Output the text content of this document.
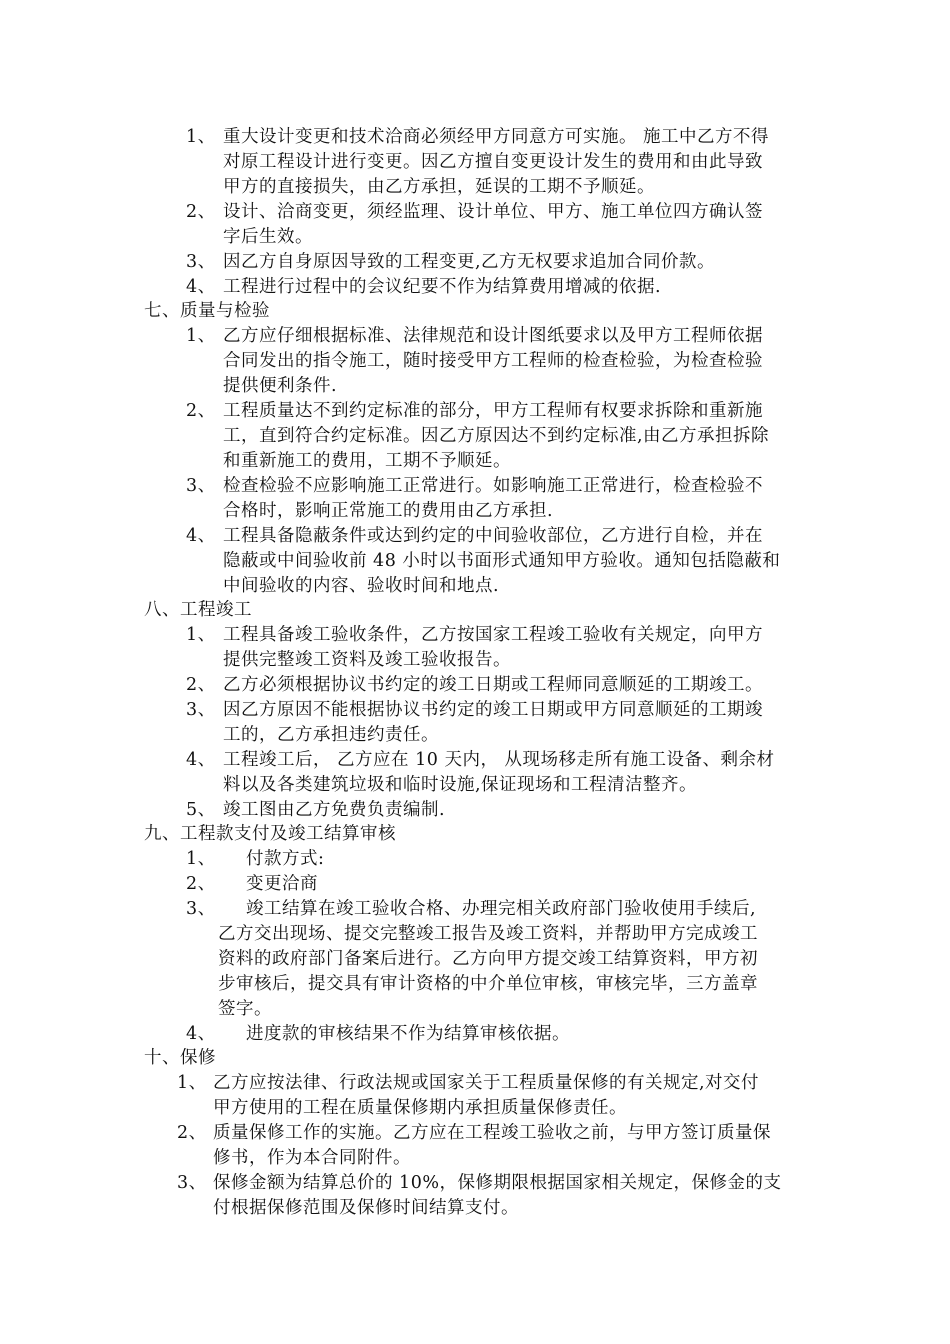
1、 重大设计变更和技术洽商必须经甲方同意方可实施。 施工中乙方不得
对原工程设计进行变更。因乙方擅自变更设计发生的费用和由此导致
甲方的直接损失，由乙方承担，延误的工期不予顺延。
2、 设计、洽商变更，须经监理、设计单位、甲方、施工单位四方确认签
字后生效。
3、 因乙方自身原因导致的工程变更,乙方无权要求追加合同价款。
4、 工程进行过程中的会议纪要不作为结算费用增减的依据.
七、质量与检验
1、 乙方应仔细根据标准、法律规范和设计图纸要求以及甲方工程师依据
合同发出的指令施工，随时接受甲方工程师的检查检验，为检查检验
提供便利条件.
2、 工程质量达不到约定标准的部分，甲方工程师有权要求拆除和重新施
工，直到符合约定标准。因乙方原因达不到约定标准,由乙方承担拆除
和重新施工的费用，工期不予顺延。
3、 检查检验不应影响施工正常进行。如影响施工正常进行，检查检验不
合格时，影响正常施工的费用由乙方承担.
4、 工程具备隐蔽条件或达到约定的中间验收部位，乙方进行自检，并在
隐蔽或中间验收前 48 小时以书面形式通知甲方验收。通知包括隐蔽和
中间验收的内容、验收时间和地点.
八、工程竣工
1、 工程具备竣工验收条件，乙方按国家工程竣工验收有关规定，向甲方
提供完整竣工资料及竣工验收报告。
2、 乙方必须根据协议书约定的竣工日期或工程师同意顺延的工期竣工。
3、 因乙方原因不能根据协议书约定的竣工日期或甲方同意顺延的工期竣
工的，乙方承担违约责任。
4、 工程竣工后， 乙方应在 10 天内， 从现场移走所有施工设备、剩余材
料以及各类建筑垃圾和临时设施,保证现场和工程清洁整齐。
5、 竣工图由乙方免费负责编制.
九、工程款支付及竣工结算审核
1、 付款方式:
2、 变更洽商
3、 竣工结算在竣工验收合格、办理完相关政府部门验收使用手续后,
乙方交出现场、提交完整竣工报告及竣工资料，并帮助甲方完成竣工
资料的政府部门备案后进行。乙方向甲方提交竣工结算资料，甲方初
步审核后，提交具有审计资格的中介单位审核，审核完毕，三方盖章
签字。
4、 进度款的审核结果不作为结算审核依据。
十、保修
1、 乙方应按法律、行政法规或国家关于工程质量保修的有关规定,对交付
甲方使用的工程在质量保修期内承担质量保修责任。
2、 质量保修工作的实施。乙方应在工程竣工验收之前，与甲方签订质量保
修书，作为本合同附件。
3、 保修金额为结算总价的 10%，保修期限根据国家相关规定，保修金的支
付根据保修范围及保修时间结算支付。
